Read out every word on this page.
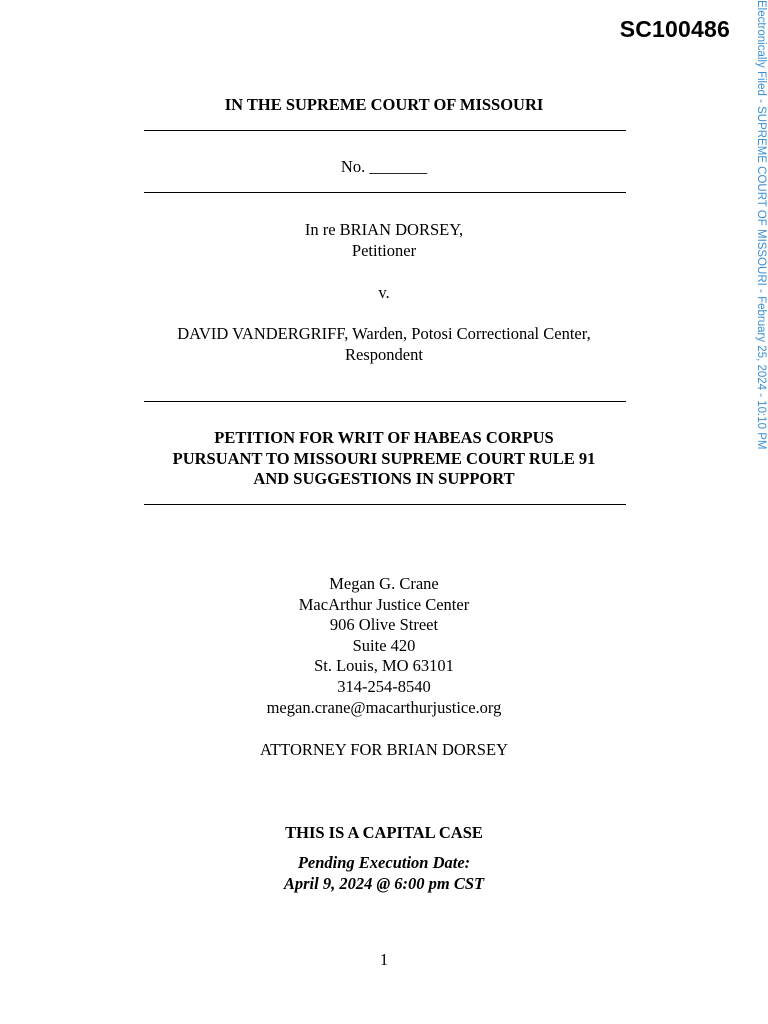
SC100486 Electronically Filed - SUPREME COURT OF MISSOURI - February 25, 2024 - 10:10 PM
IN THE SUPREME COURT OF MISSOURI
No. _______
In re BRIAN DORSEY,
Petitioner
v.
DAVID VANDERGRIFF, Warden, Potosi Correctional Center,
Respondent
PETITION FOR WRIT OF HABEAS CORPUS
PURSUANT TO MISSOURI SUPREME COURT RULE 91
AND SUGGESTIONS IN SUPPORT
Megan G. Crane
MacArthur Justice Center
906 Olive Street
Suite 420
St. Louis, MO 63101
314-254-8540
megan.crane@macarthurjustice.org
ATTORNEY FOR BRIAN DORSEY
THIS IS A CAPITAL CASE
Pending Execution Date:
April 9, 2024 @ 6:00 pm CST
1
